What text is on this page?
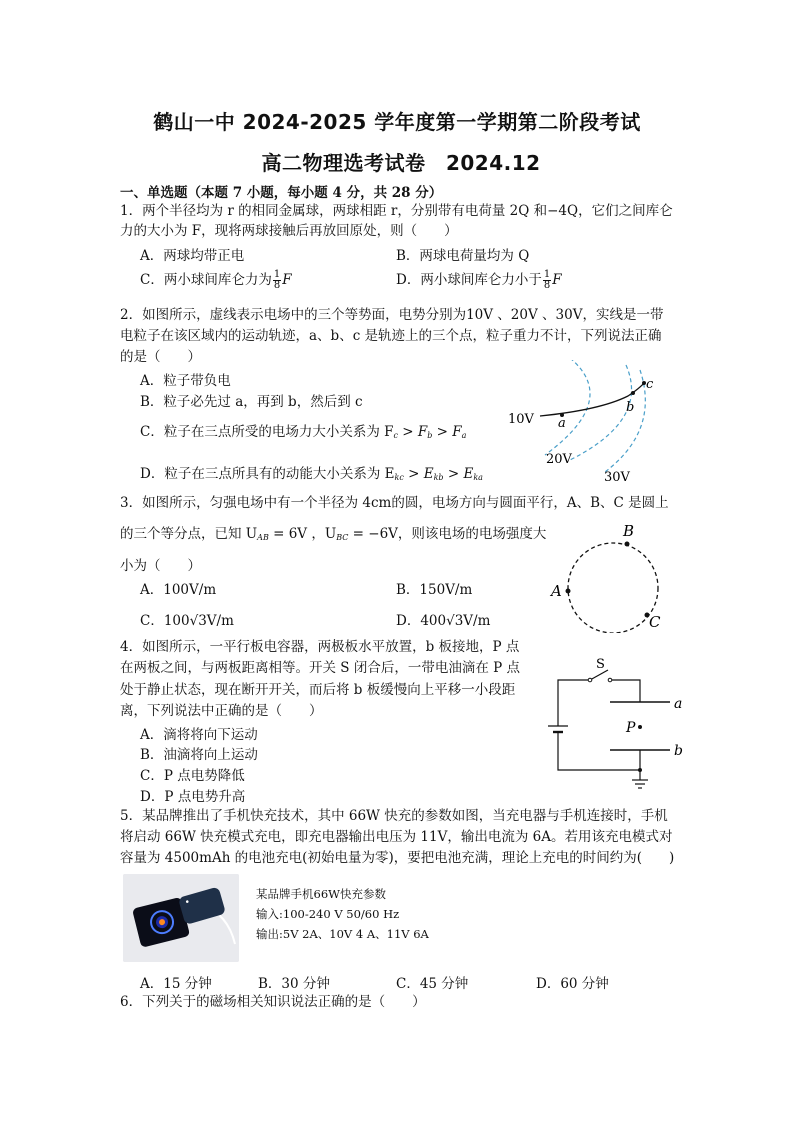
鹤山一中 2024-2025 学年度第一学期第二阶段考试
高二物理选考试卷　2024.12
一、单选题（本题 7 小题，每小题 4 分，共 28 分）
1．两个半径均为 r 的相同金属球，两球相距 r，分别带有电荷量 2Q 和−4Q，它们之间库仑
力的大小为 F，现将两球接触后再放回原处，则（　　）
A．两球均带正电	B．两球电荷量均为 Q
C．两小球间库仑力为 $\frac{1}{8}$ F	D．两小球间库仑力小于 $\frac{1}{8}$ F
2．如图所示，虚线表示电场中的三个等势面，电势分别为10V 、20V 、30V，实线是一带
电粒子在该区域内的运动轨迹，a、b、c 是轨迹上的三个点，粒子重力不计，下列说法正确
的是（　　）
A．粒子带负电
B．粒子必先过 a，再到 b，然后到 c
C．粒子在三点所受的电场力大小关系为 $F_c > F_b > F_a$
D．粒子在三点所具有的动能大小关系为 $E_{kc} > E_{kb} > E_{ka}$
10V
20V
30V
a
b
c
3．如图所示，匀强电场中有一个半径为 4cm的圆，电场方向与圆面平行，A、B、C 是圆上
的三个等分点，已知 $U_{AB} = 6V$ ，$U_{BC} = -6V$，则该电场的电场强度大
小为（　　）
A．100V/m	B．150V/m
C．100√3V/m	D．400√3V/m
A
B
C
4．如图所示，一平行板电容器，两极板水平放置，b 板接地，P 点
在两板之间，与两板距离相等。开关 S 闭合后，一带电油滴在 P 点
处于静止状态，现在断开开关，而后将 b 板缓慢向上平移一小段距
离，下列说法中正确的是（　　）
A．滴将将向下运动
B．油滴将向上运动
C．P 点电势降低
D．P 点电势升高
S
a
b
P
5．某品牌推出了手机快充技术，其中 66W 快充的参数如图，当充电器与手机连接时，手机
将启动 66W 快充模式充电，即充电器输出电压为 11V，输出电流为 6A。若用该充电模式对
容量为 4500mAh 的电池充电(初始电量为零)，要把电池充满，理论上充电的时间约为(　　)
某品牌手机66W快充参数
输入:100-240 V 50/60 Hz
输出:5V 2A、10V 4 A、11V 6A
A．15 分钟	B．30 分钟	C．45 分钟	D．60 分钟
6．下列关于的磁场相关知识说法正确的是（　　）
